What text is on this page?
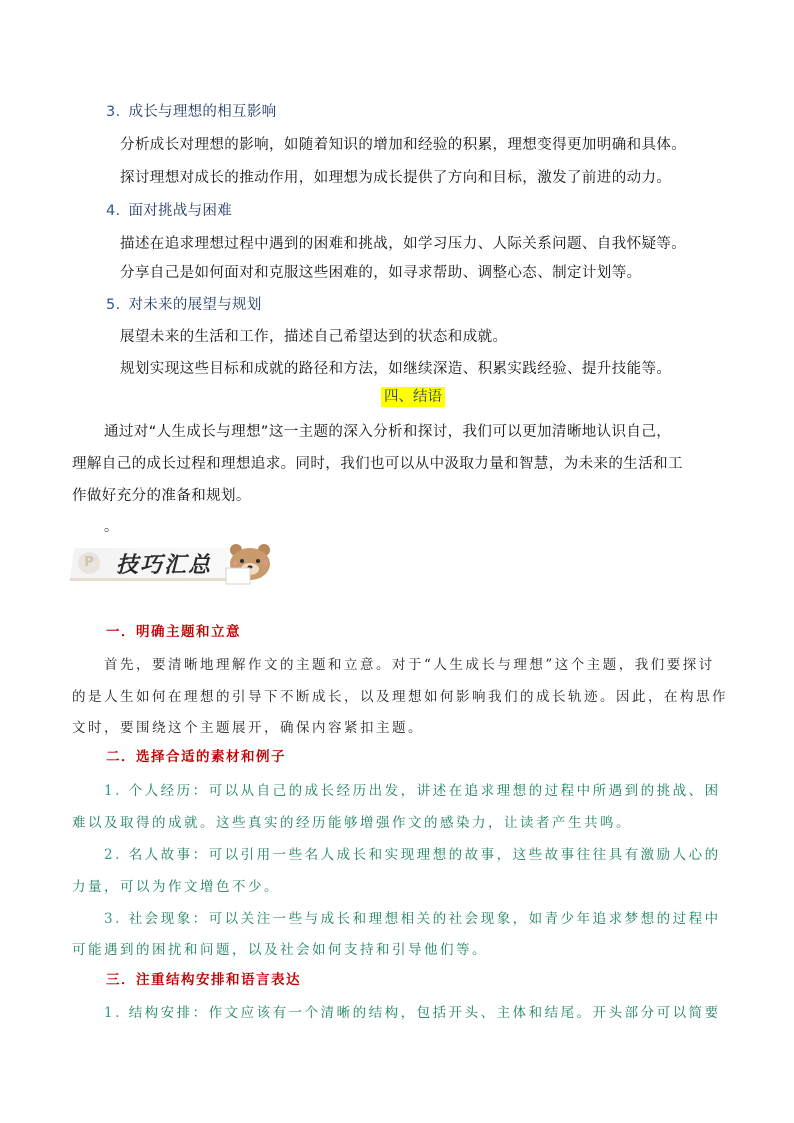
3. 成长与理想的相互影响
分析成长对理想的影响，如随着知识的增加和经验的积累，理想变得更加明确和具体。
探讨理想对成长的推动作用，如理想为成长提供了方向和目标，激发了前进的动力。
4. 面对挑战与困难
描述在追求理想过程中遇到的困难和挑战，如学习压力、人际关系问题、自我怀疑等。
分享自己是如何面对和克服这些困难的，如寻求帮助、调整心态、制定计划等。
5. 对未来的展望与规划
展望未来的生活和工作，描述自己希望达到的状态和成就。
规划实现这些目标和成就的路径和方法，如继续深造、积累实践经验、提升技能等。
四、结语
通过对“人生成长与理想”这一主题的深入分析和探讨，我们可以更加清晰地认识自己，
理解自己的成长过程和理想追求。同时，我们也可以从中汲取力量和智慧，为未来的生活和工
作做好充分的准备和规划。
。
P 技巧汇总
一．明确主题和立意
首先，要清晰地理解作文的主题和立意。对于“人生成长与理想”这个主题，我们要探讨
的是人生如何在理想的引导下不断成长，以及理想如何影响我们的成长轨迹。因此，在构思作
文时，要围绕这个主题展开，确保内容紧扣主题。
二．选择合适的素材和例子
1. 个人经历：可以从自己的成长经历出发，讲述在追求理想的过程中所遇到的挑战、困
难以及取得的成就。这些真实的经历能够增强作文的感染力，让读者产生共鸣。
2. 名人故事：可以引用一些名人成长和实现理想的故事，这些故事往往具有激励人心的
力量，可以为作文增色不少。
3. 社会现象：可以关注一些与成长和理想相关的社会现象，如青少年追求梦想的过程中
可能遇到的困扰和问题，以及社会如何支持和引导他们等。
三．注重结构安排和语言表达
1. 结构安排：作文应该有一个清晰的结构，包括开头、主体和结尾。开头部分可以简要
